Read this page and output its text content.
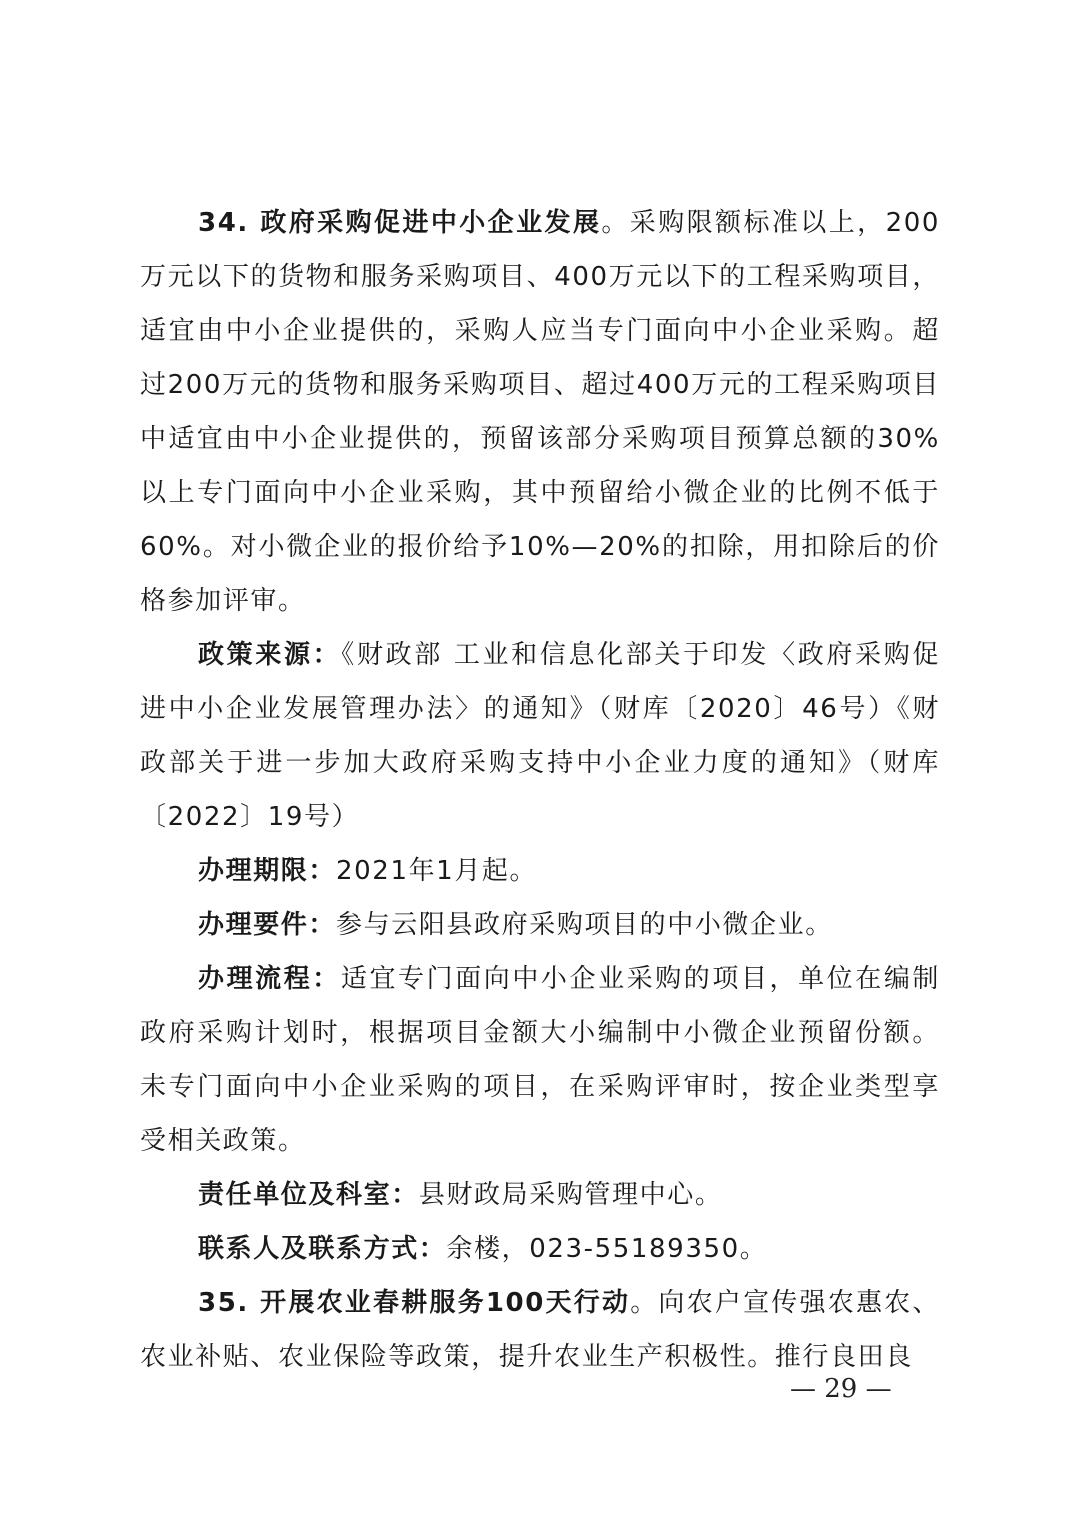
34. 政府采购促进中小企业发展。采购限额标准以上，200万元以下的货物和服务采购项目、400万元以下的工程采购项目，适宜由中小企业提供的，采购人应当专门面向中小企业采购。超过200万元的货物和服务采购项目、超过400万元的工程采购项目中适宜由中小企业提供的，预留该部分采购项目预算总额的30%以上专门面向中小企业采购，其中预留给小微企业的比例不低于60%。对小微企业的报价给予10%—20%的扣除，用扣除后的价格参加评审。

政策来源：《财政部 工业和信息化部关于印发〈政府采购促进中小企业发展管理办法〉的通知》（财库〔2020〕46号）《财政部关于进一步加大政府采购支持中小企业力度的通知》（财库〔2022〕19号）

办理期限：2021年1月起。

办理要件：参与云阳县政府采购项目的中小微企业。

办理流程：适宜专门面向中小企业采购的项目，单位在编制政府采购计划时，根据项目金额大小编制中小微企业预留份额。未专门面向中小企业采购的项目，在采购评审时，按企业类型享受相关政策。

责任单位及科室：县财政局采购管理中心。

联系人及联系方式：余楼，023-55189350。

35. 开展农业春耕服务100天行动。向农户宣传强农惠农、农业补贴、农业保险等政策，提升农业生产积极性。推行良田良

— 29 —
